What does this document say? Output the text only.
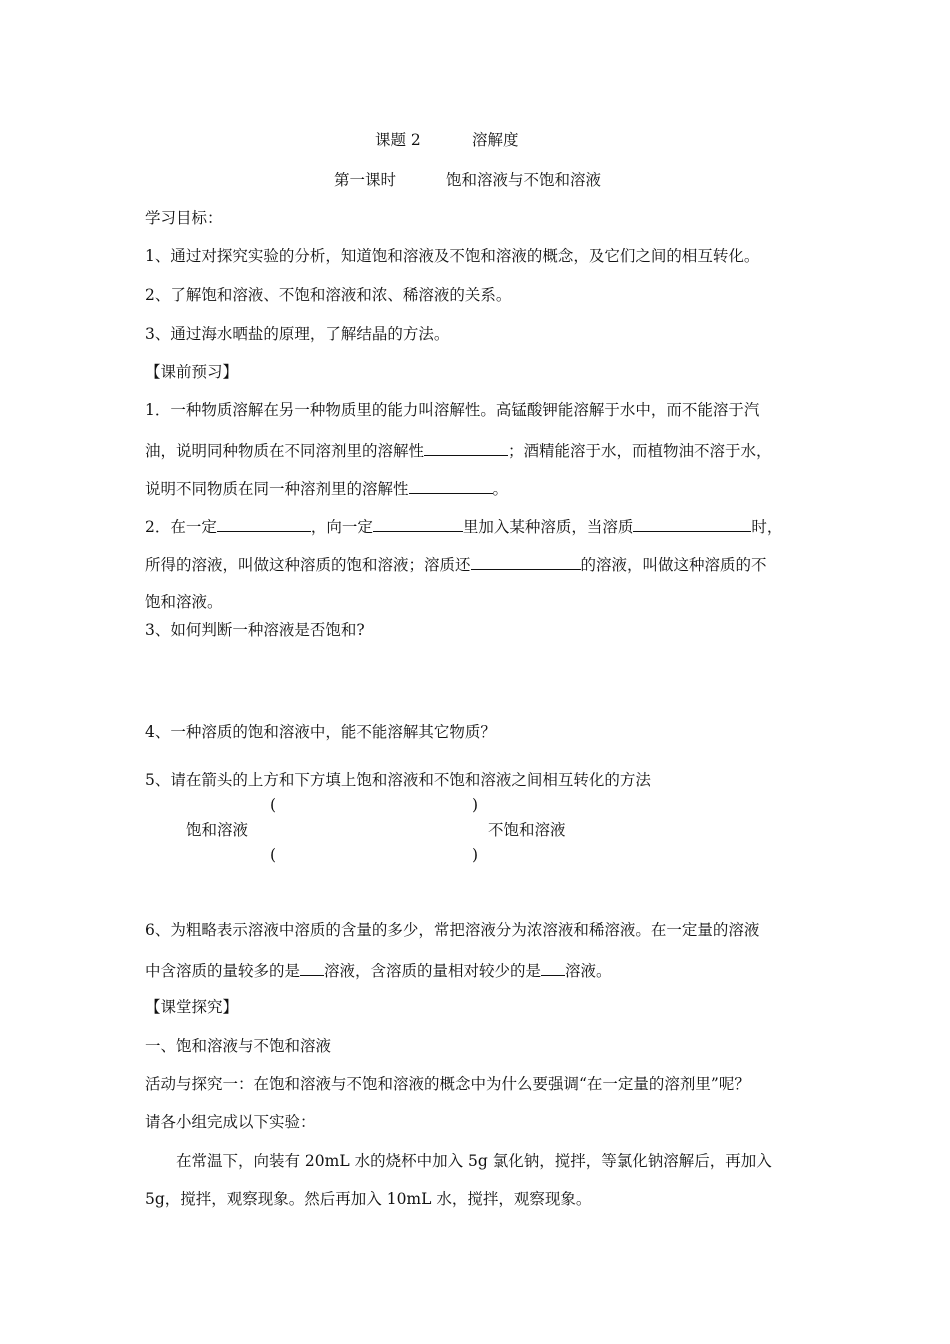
课题 2	溶解度
第一课时	饱和溶液与不饱和溶液
学习目标：
1、通过对探究实验的分析，知道饱和溶液及不饱和溶液的概念，及它们之间的相互转化。
2、了解饱和溶液、不饱和溶液和浓、稀溶液的关系。
3、通过海水晒盐的原理，了解结晶的方法。
【课前预习】
1．一种物质溶解在另一种物质里的能力叫溶解性。高锰酸钾能溶解于水中，而不能溶于汽
油，说明同种物质在不同溶剂里的溶解性	；酒精能溶于水，而植物油不溶于水，
说明不同物质在同一种溶剂里的溶解性	。
2．在一定	，向一定	里加入某种溶质，当溶质	时，
所得的溶液，叫做这种溶质的饱和溶液；溶质还	的溶液，叫做这种溶质的不
饱和溶液。
3、如何判断一种溶液是否饱和?
4、一种溶质的饱和溶液中，能不能溶解其它物质？
5、请在箭头的上方和下方填上饱和溶液和不饱和溶液之间相互转化的方法
(	)
饱和溶液	不饱和溶液
(	)
6、为粗略表示溶液中溶质的含量的多少，常把溶液分为浓溶液和稀溶液。在一定量的溶液
中含溶质的量较多的是 溶液，含溶质的量相对较少的是 溶液。
【课堂探究】
一、饱和溶液与不饱和溶液
活动与探究一：在饱和溶液与不饱和溶液的概念中为什么要强调“在一定量的溶剂里”呢？
请各小组完成以下实验：
在常温下，向装有 20mL 水的烧杯中加入 5g 氯化钠，搅拌，等氯化钠溶解后，再加入
5g，搅拌，观察现象。然后再加入 10mL 水，搅拌，观察现象。
